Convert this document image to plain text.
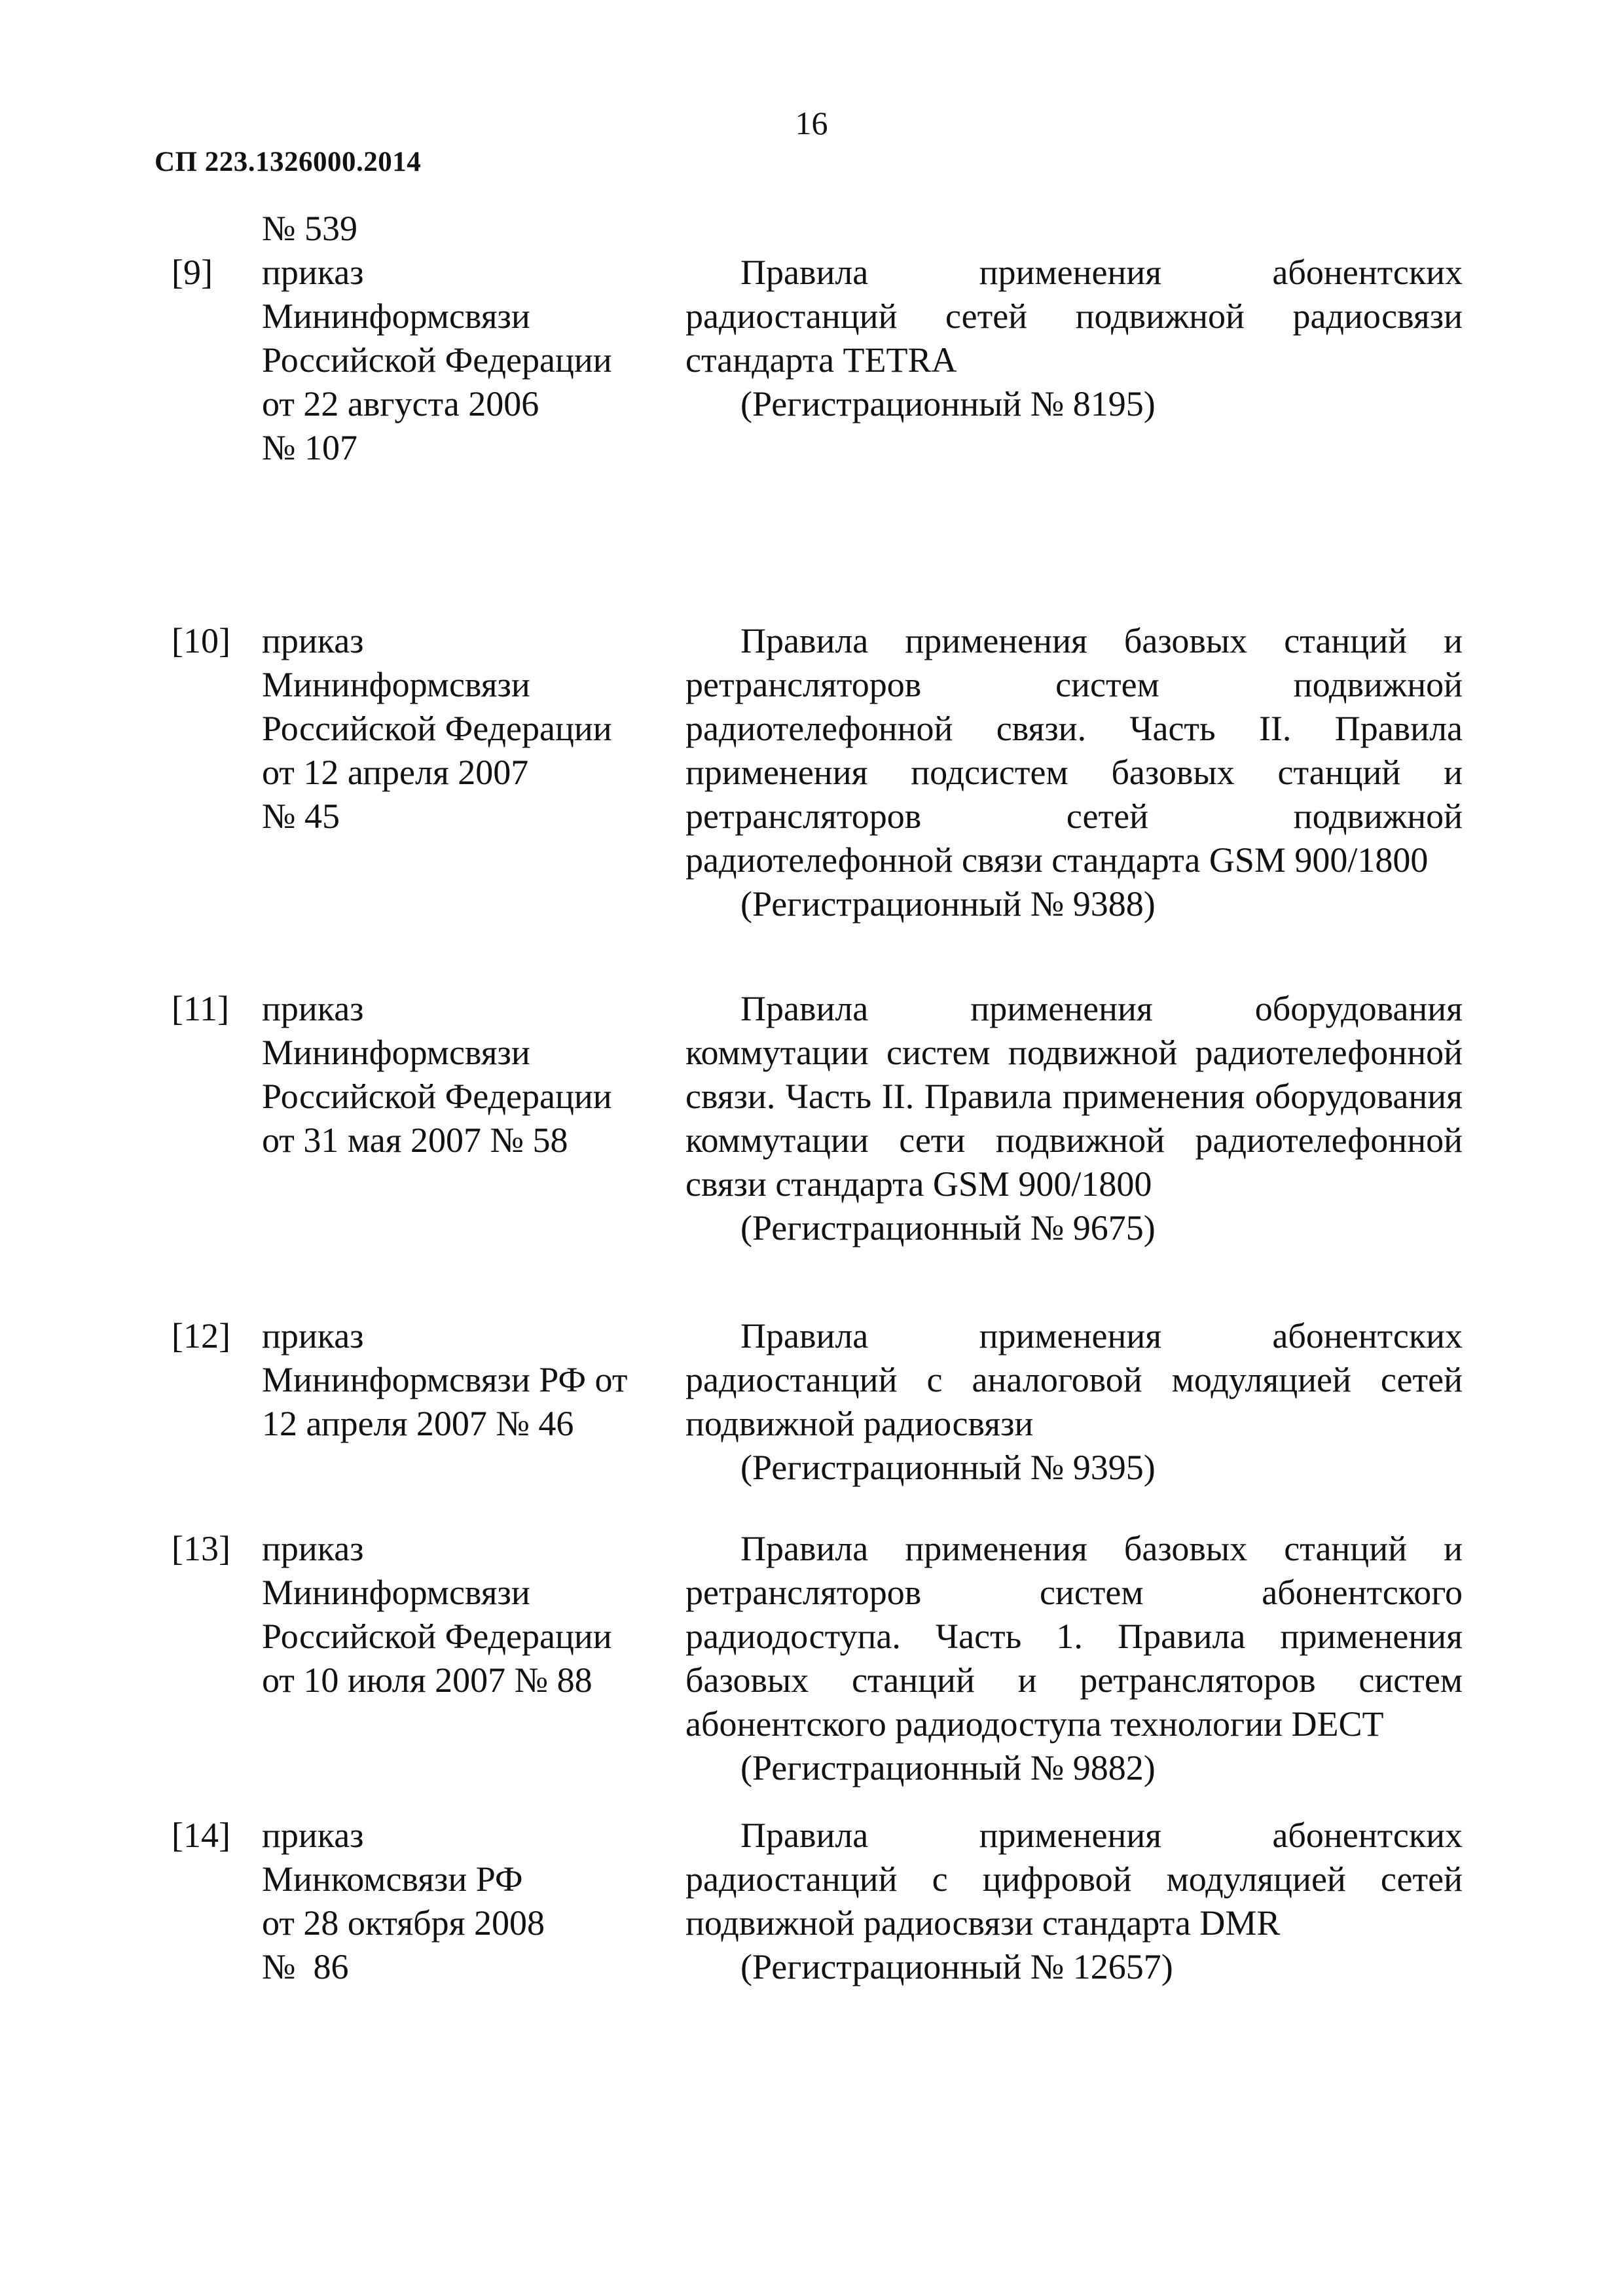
16
СП 223.1326000.2014
№ 539
[9]	приказ
Мининформсвязи
Российской Федерации
от 22 августа 2006
№ 107
Правила применения абонентских радиостанций сетей подвижной радиосвязи стандарта TETRA
(Регистрационный № 8195)
[10] приказ
Мининформсвязи
Российской Федерации
от 12 апреля 2007
№ 45
Правила применения базовых станций и ретрансляторов систем подвижной радиотелефонной связи. Часть II. Правила применения подсистем базовых станций и ретрансляторов сетей подвижной радиотелефонной связи стандарта GSM 900/1800
(Регистрационный № 9388)
[11] приказ
Мининформсвязи
Российской Федерации
от 31 мая 2007 № 58
Правила применения оборудования коммутации систем подвижной радиотелефонной связи. Часть II. Правила применения оборудования коммутации сети подвижной радиотелефонной связи стандарта GSM 900/1800
(Регистрационный № 9675)
[12] приказ
Мининформсвязи РФ от
12 апреля 2007 № 46
Правила применения абонентских радиостанций с аналоговой модуляцией сетей подвижной радиосвязи
(Регистрационный № 9395)
[13] приказ
Мининформсвязи
Российской Федерации
от 10 июля 2007 № 88
Правила применения базовых станций и ретрансляторов систем абонентского радиодоступа. Часть 1. Правила применения базовых станций и ретрансляторов систем абонентского радиодоступа технологии DECT
(Регистрационный № 9882)
[14] приказ
Минкомсвязи РФ
от 28 октября 2008
№  86
Правила применения абонентских радиостанций с цифровой модуляцией сетей подвижной радиосвязи стандарта DMR
(Регистрационный № 12657)
